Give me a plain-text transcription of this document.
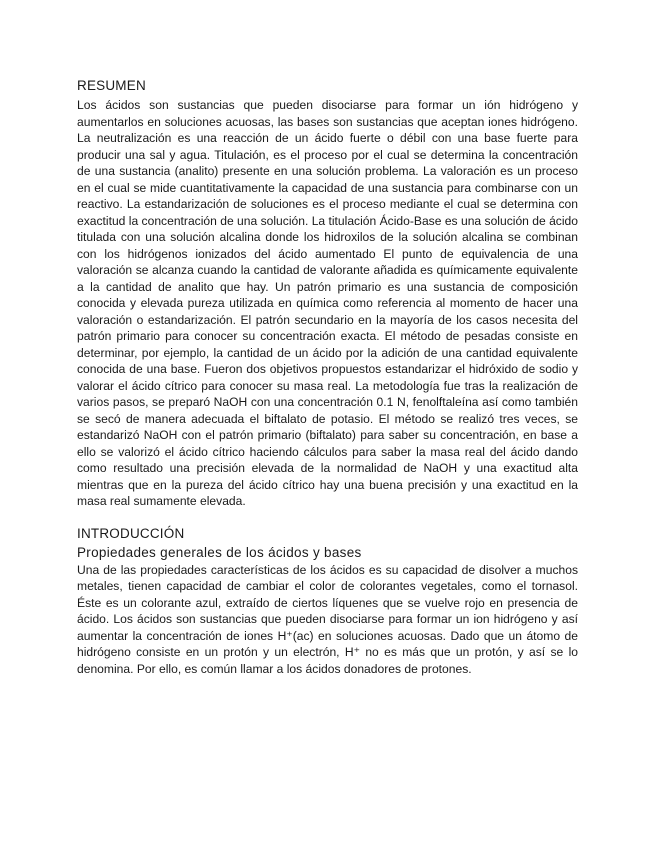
RESUMEN

Los ácidos son sustancias que pueden disociarse para formar un ión hidrógeno y aumentarlos en soluciones acuosas, las bases son sustancias que aceptan iones hidrógeno. La neutralización es una reacción de un ácido fuerte o débil con una base fuerte para producir una sal y agua. Titulación, es el proceso por el cual se determina la concentración de una sustancia (analito) presente en una solución problema. La valoración es un proceso en el cual se mide cuantitativamente la capacidad de una sustancia para combinarse con un reactivo. La estandarización de soluciones es el proceso mediante el cual se determina con exactitud la concentración de una solución. La titulación Ácido-Base es una solución de ácido titulada con una solución alcalina donde los hidroxilos de la solución alcalina se combinan con los hidrógenos ionizados del ácido aumentado El punto de equivalencia de una valoración se alcanza cuando la cantidad de valorante añadida es químicamente equivalente a la cantidad de analito que hay. Un patrón primario es una sustancia de composición conocida y elevada pureza utilizada en química como referencia al momento de hacer una valoración o estandarización. El patrón secundario en la mayoría de los casos necesita del patrón primario para conocer su concentración exacta. El método de pesadas consiste en determinar, por ejemplo, la cantidad de un ácido por la adición de una cantidad equivalente conocida de una base. Fueron dos objetivos propuestos estandarizar el hidróxido de sodio y valorar el ácido cítrico para conocer su masa real. La metodología fue tras la realización de varios pasos, se preparó NaOH con una concentración 0.1 N, fenolftaleína así como también se secó de manera adecuada el biftalato de potasio. El método se realizó tres veces, se estandarizó NaOH con el patrón primario (biftalato) para saber su concentración, en base a ello se valorizó el ácido cítrico haciendo cálculos para saber la masa real del ácido dando como resultado una precisión elevada de la normalidad de NaOH y una exactitud alta mientras que en la pureza del ácido cítrico hay una buena precisión y una exactitud en la masa real sumamente elevada.

INTRODUCCIÓN
Propiedades generales de los ácidos y bases

Una de las propiedades características de los ácidos es su capacidad de disolver a muchos metales, tienen capacidad de cambiar el color de colorantes vegetales, como el tornasol. Éste es un colorante azul, extraído de ciertos líquenes que se vuelve rojo en presencia de ácido. Los ácidos son sustancias que pueden disociarse para formar un ion hidrógeno y así aumentar la concentración de iones H⁺(ac) en soluciones acuosas. Dado que un átomo de hidrógeno consiste en un protón y un electrón, H⁺ no es más que un protón, y así se lo denomina. Por ello, es común llamar a los ácidos donadores de protones.
